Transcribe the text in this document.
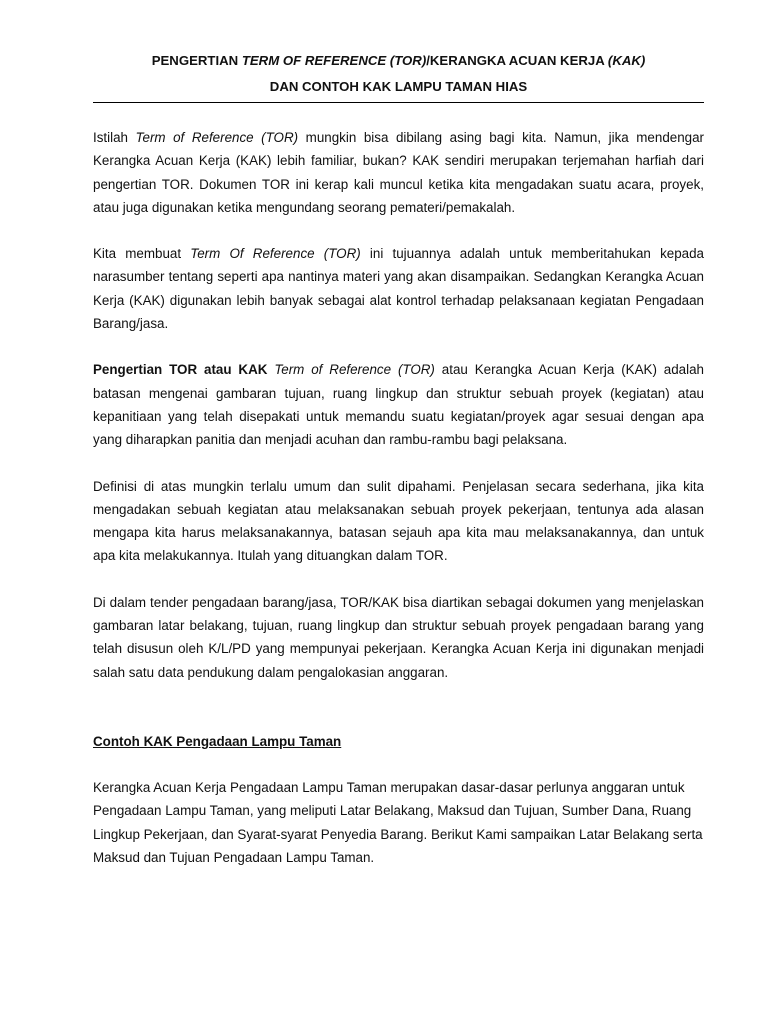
PENGERTIAN TERM OF REFERENCE (TOR)/KERANGKA ACUAN KERJA (KAK)

DAN CONTOH KAK LAMPU TAMAN HIAS

Istilah Term of Reference (TOR) mungkin bisa dibilang asing bagi kita. Namun, jika mendengar Kerangka Acuan Kerja (KAK) lebih familiar, bukan? KAK sendiri merupakan terjemahan harfiah dari pengertian TOR. Dokumen TOR ini kerap kali muncul ketika kita mengadakan suatu acara, proyek, atau juga digunakan ketika mengundang seorang pemateri/pemakalah.

Kita membuat Term Of Reference (TOR) ini tujuannya adalah untuk memberitahukan kepada narasumber tentang seperti apa nantinya materi yang akan disampaikan. Sedangkan Kerangka Acuan Kerja (KAK) digunakan lebih banyak sebagai alat kontrol terhadap pelaksanaan kegiatan Pengadaan Barang/jasa.

Pengertian TOR atau KAK Term of Reference (TOR) atau Kerangka Acuan Kerja (KAK) adalah batasan mengenai gambaran tujuan, ruang lingkup dan struktur sebuah proyek (kegiatan) atau kepanitiaan yang telah disepakati untuk memandu suatu kegiatan/proyek agar sesuai dengan apa yang diharapkan panitia dan menjadi acuhan dan rambu-rambu bagi pelaksana.

Definisi di atas mungkin terlalu umum dan sulit dipahami. Penjelasan secara sederhana, jika kita mengadakan sebuah kegiatan atau melaksanakan sebuah proyek pekerjaan, tentunya ada alasan mengapa kita harus melaksanakannya, batasan sejauh apa kita mau melaksanakannya, dan untuk apa kita melakukannya. Itulah yang dituangkan dalam TOR.

Di dalam tender pengadaan barang/jasa, TOR/KAK bisa diartikan sebagai dokumen yang menjelaskan gambaran latar belakang, tujuan, ruang lingkup dan struktur sebuah proyek pengadaan barang yang telah disusun oleh K/L/PD yang mempunyai pekerjaan. Kerangka Acuan Kerja ini digunakan menjadi salah satu data pendukung dalam pengalokasian anggaran.

Contoh KAK Pengadaan Lampu Taman

Kerangka Acuan Kerja Pengadaan Lampu Taman merupakan dasar-dasar perlunya anggaran untuk Pengadaan Lampu Taman, yang meliputi Latar Belakang, Maksud dan Tujuan, Sumber Dana, Ruang Lingkup Pekerjaan, dan Syarat-syarat Penyedia Barang. Berikut Kami sampaikan Latar Belakang serta Maksud dan Tujuan Pengadaan Lampu Taman.
